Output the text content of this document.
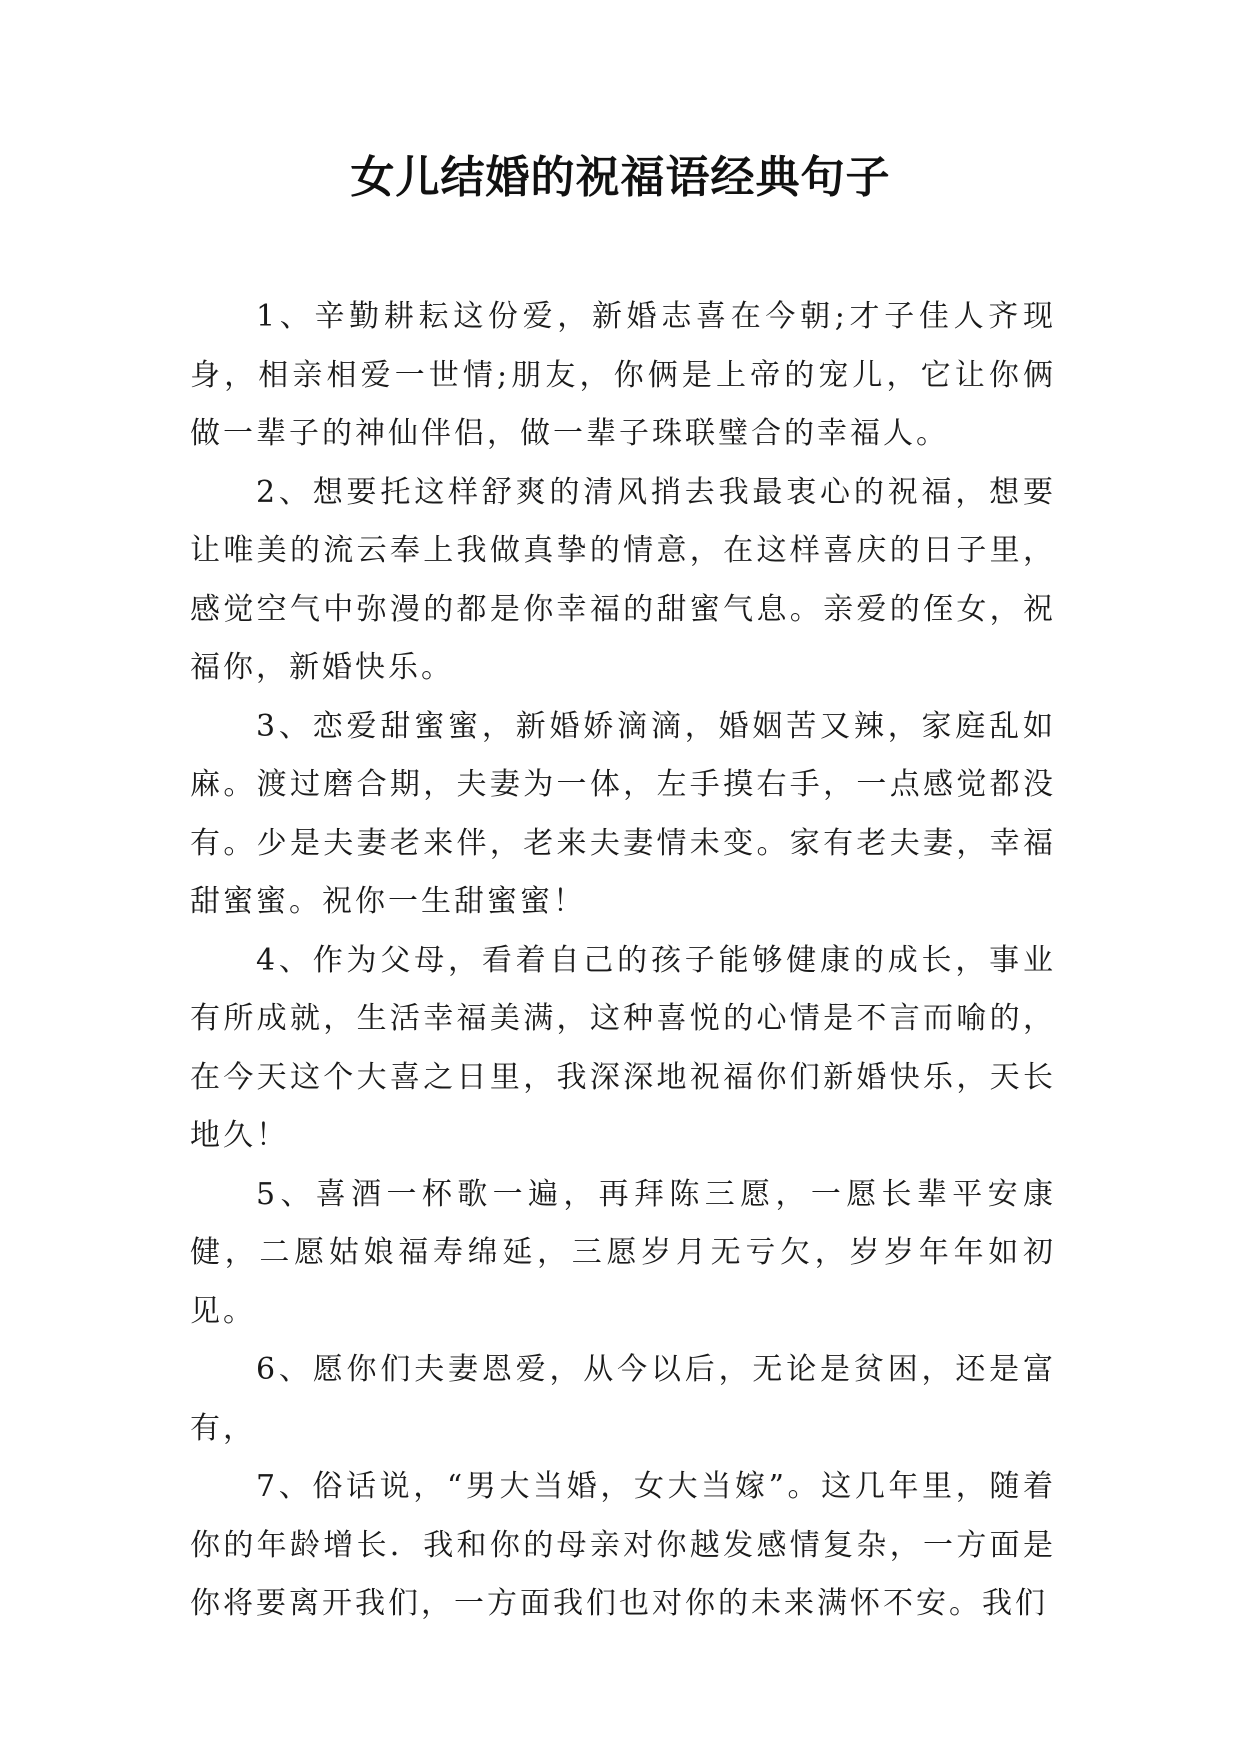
女儿结婚的祝福语经典句子

1、辛勤耕耘这份爱，新婚志喜在今朝;才子佳人齐现身，相亲相爱一世情;朋友，你俩是上帝的宠儿，它让你俩做一辈子的神仙伴侣，做一辈子珠联璧合的幸福人。

2、想要托这样舒爽的清风捎去我最衷心的祝福，想要让唯美的流云奉上我做真挚的情意，在这样喜庆的日子里，感觉空气中弥漫的都是你幸福的甜蜜气息。亲爱的侄女，祝福你，新婚快乐。

3、恋爱甜蜜蜜，新婚娇滴滴，婚姻苦又辣，家庭乱如麻。渡过磨合期，夫妻为一体，左手摸右手，一点感觉都没有。少是夫妻老来伴，老来夫妻情未变。家有老夫妻，幸福甜蜜蜜。祝你一生甜蜜蜜！

4、作为父母，看着自己的孩子能够健康的成长，事业有所成就，生活幸福美满，这种喜悦的心情是不言而喻的，在今天这个大喜之日里，我深深地祝福你们新婚快乐，天长地久！

5、喜酒一杯歌一遍，再拜陈三愿，一愿长辈平安康健，二愿姑娘福寿绵延，三愿岁月无亏欠，岁岁年年如初见。

6、愿你们夫妻恩爱，从今以后，无论是贫困，还是富有，

7、俗话说，“男大当婚，女大当嫁”。这几年里，随着你的年龄增长．我和你的母亲对你越发感情复杂，一方面是你将要离开我们，一方面我们也对你的未来满怀不安。我们
